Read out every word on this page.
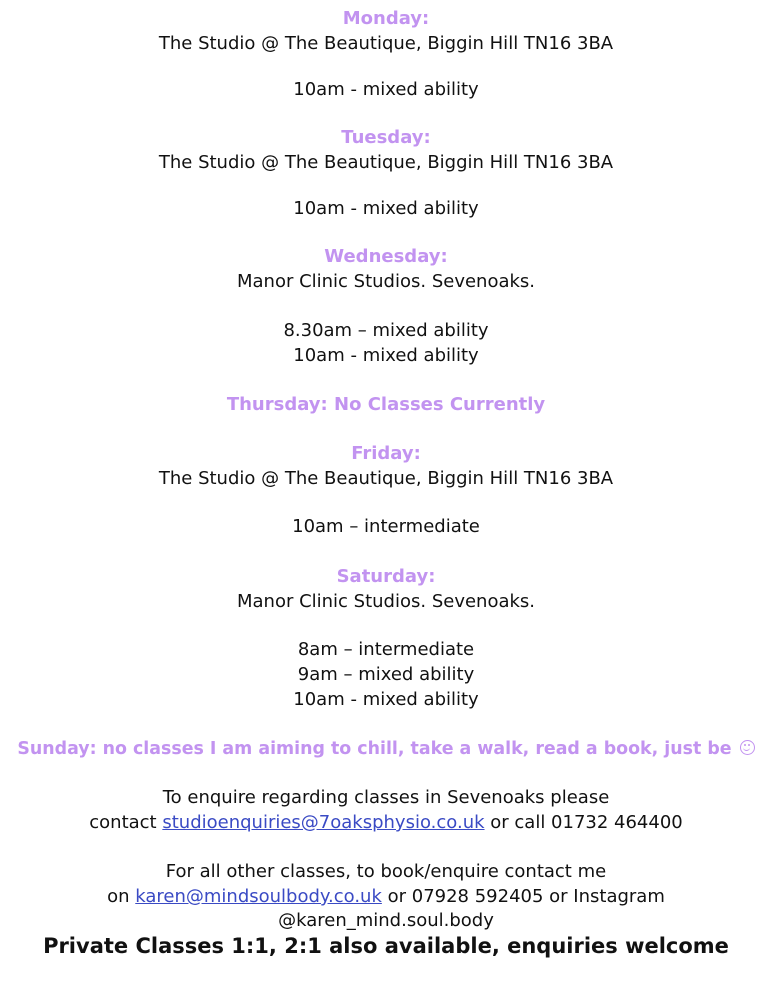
Monday:
The Studio @ The Beautique, Biggin Hill TN16 3BA
10am - mixed ability
Tuesday:
The Studio @ The Beautique, Biggin Hill TN16 3BA
10am - mixed ability
Wednesday:
Manor Clinic Studios. Sevenoaks.
8.30am – mixed ability
10am - mixed ability
Thursday: No Classes Currently
Friday:
The Studio @ The Beautique, Biggin Hill TN16 3BA
10am – intermediate
Saturday:
Manor Clinic Studios. Sevenoaks.
8am – intermediate
9am – mixed ability
10am - mixed ability
Sunday: no classes I am aiming to chill, take a walk, read a book, just be
To enquire regarding classes in Sevenoaks please
contact studioenquiries@7oaksphysio.co.uk or call 01732 464400
For all other classes, to book/enquire contact me
on karen@mindsoulbody.co.uk or 07928 592405 or Instagram
@karen_mind.soul.body
Private Classes 1:1, 2:1 also available, enquiries welcome
